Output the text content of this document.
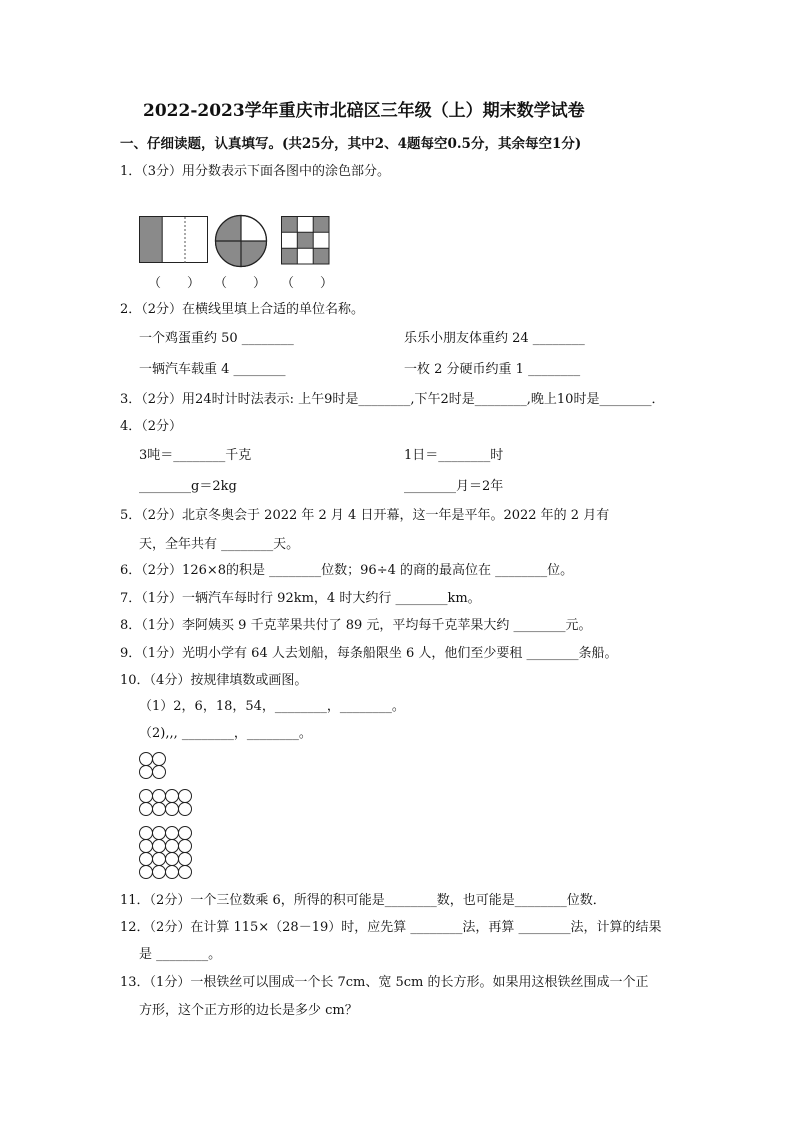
2022-2023学年重庆市北碚区三年级（上）期末数学试卷
一、仔细读题，认真填写。(共25分，其中2、4题每空0.5分，其余每空1分)
1．（3分）用分数表示下面各图中的涂色部分。
（　　） （　　） （　　）
2．（2分）在横线里填上合适的单位名称。
一个鸡蛋重约 50 ________	乐乐小朋友体重约 24 ________
一辆汽车载重 4 ________	一枚 2 分硬币约重 1 ________
3．（2分）用24时计时法表示: 上午9时是________,下午2时是________,晚上10时是________．
4．（2分）
3吨＝________千克	1日＝________时
________g＝2kg	________月＝2年
5．（2分）北京冬奥会于 2022 年 2 月 4 日开幕，这一年是平年。2022 年的 2 月有
天，全年共有 ________天。
6．（2分）126×8的积是 ________位数；96÷4 的商的最高位在 ________位。
7．（1分）一辆汽车每时行 92km，4 时大约行 ________km。
8．（1分）李阿姨买 9 千克苹果共付了 89 元，平均每千克苹果大约 ________元。
9．（1分）光明小学有 64 人去划船，每条船限坐 6 人，他们至少要租 ________条船。
10．（4分）按规律填数或画图。
（1）2，6，18，54，________，________。
（2),,, ________，________。
11．（2分）一个三位数乘 6，所得的积可能是________数，也可能是________位数．
12．（2分）在计算 115×（28－19）时，应先算 ________法，再算 ________法，计算的结果
是 ________。
13．（1分）一根铁丝可以围成一个长 7cm、宽 5cm 的长方形。如果用这根铁丝围成一个正
方形，这个正方形的边长是多少 cm？
